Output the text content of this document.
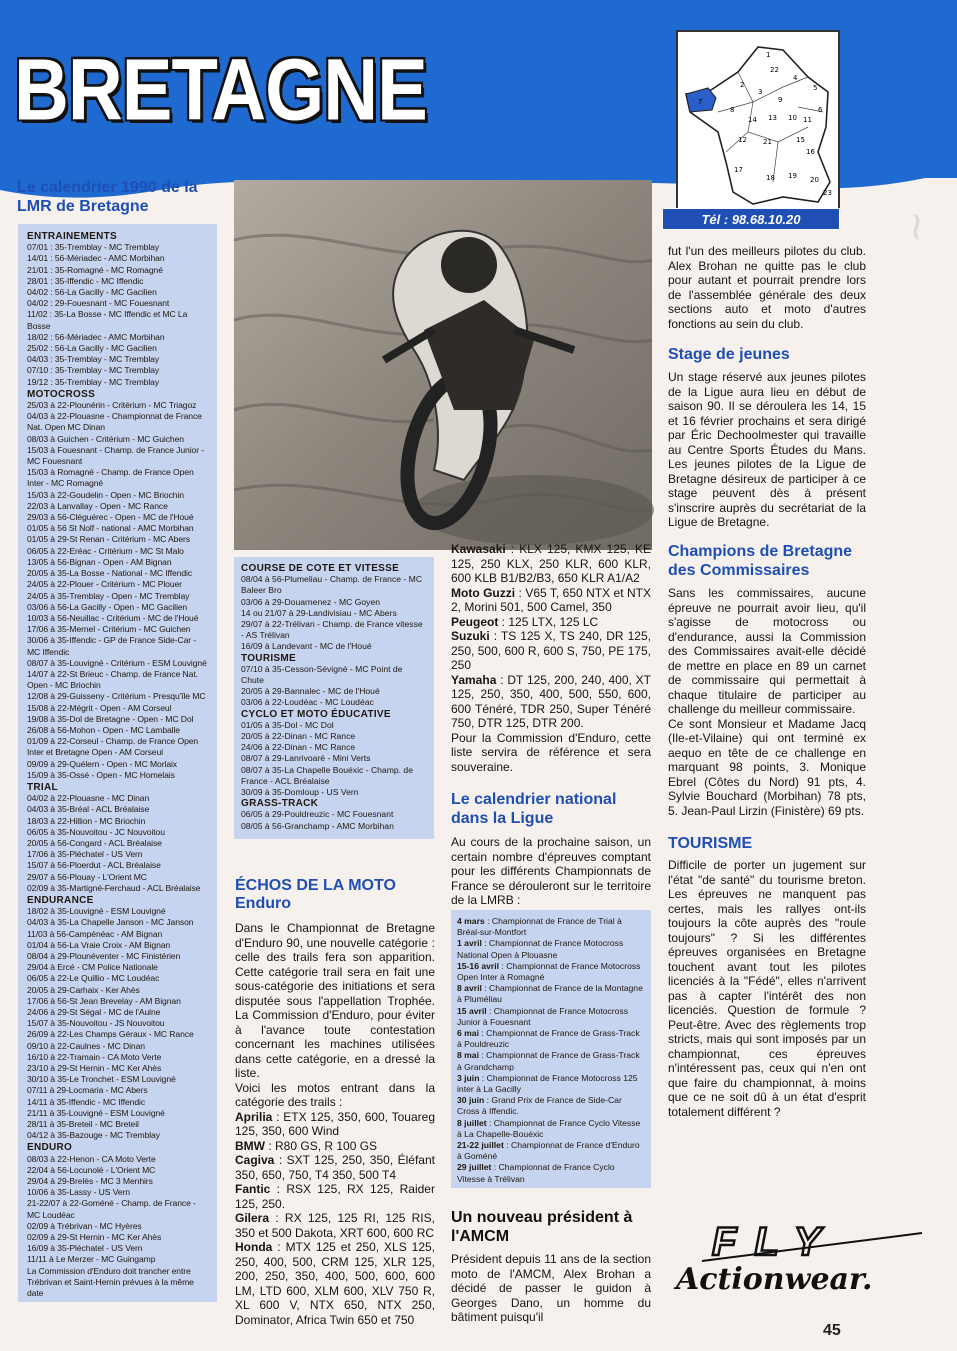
BRETAGNE	1
2
3
4
5
6
7
8
9
10 11
12
13
14
15
16
17
18 19 20
21
22
23
Tél : 98.68.10.20	~
Le calendrier 1990 de la LMR de Bretagne
ENTRAINEMENTS
07/01 : 35-Tremblay - MC Tremblay
14/01 : 56-Mériadec - AMC Morbihan
21/01 : 35-Romagné - MC Romagné
28/01 : 35-Iffendic - MC Iffendic
04/02 : 56-La Gacilly - MC Gacilien
04/02 : 29-Fouesnant - MC Fouesnant
11/02 : 35-La Bosse - MC Iffendic et MC La Bosse
18/02 : 56-Mériadec - AMC Morbihan
25/02 : 56-La Gacilly - MC Gacilien
04/03 : 35-Tremblay - MC Tremblay
07/10 : 35-Tremblay - MC Tremblay
19/12 : 35-Tremblay - MC Tremblay
MOTOCROSS
25/03 à 22-Plounérin - Critérium - MC Triagoz
04/03 à 22-Plouasne - Championnat de France Nat. Open MC Dinan
08/03 à Guichen - Critérium - MC Guichen
15/03 à Fouesnant - Champ. de France Junior - MC Fouesnant
15/03 à Romagné - Champ. de France Open Inter - MC Romagné
15/03 à 22-Goudelin - Open - MC Briochin
22/03 à Lanvallay - Open - MC Rance
29/03 à 56-Cléguérec - Open - MC de l'Houé
01/05 à 56 St Nolf - national - AMC Morbihan
01/05 à 29-St Renan - Critérium - MC Abers
06/05 à 22-Eréac - Critérium - MC St Malo
13/05 à 56-Bignan - Open - AM Bignan
20/05 à 35-La Bosse - National - MC Iffendic
24/05 à 22-Plouer - Critérium - MC Plouer
24/05 à 35-Tremblay - Open - MC Tremblay
03/06 à 56-La Gacilly - Open - MC Gacilien
10/03 à 56-Neuillac - Critérium - MC de l'Houé
17/06 à 35-Mernel - Critérium - MC Guichen
30/06 à 35-Iffendic - GP de France Side-Car - MC Iffendic
08/07 à 35-Louvigné - Critérium - ESM Louvigné
14/07 à 22-St Brieuc - Champ. de France Nat. Open - MC Briochin
12/08 à 29-Guisseny - Critérium - Presqu'île MC
15/08 à 22-Mégrit - Open - AM Corseul
19/08 à 35-Dol de Bretagne - Open - MC Dol
26/08 à 56-Mohon - Open - MC Lamballe
01/09 à 22-Corseul - Champ. de France Open Inter et Bretagne Open - AM Corseul
09/09 à 29-Quélern - Open - MC Morlaix
15/09 à 35-Ossé - Open - MC Homelais
TRIAL
04/02 à 22-Plouasne - MC Dinan
04/03 à 35-Bréal - ACL Bréalaise
18/03 à 22-Hillion - MC Briochin
06/05 à 35-Nouvoitou - JC Nouvoitou
20/05 à 56-Congard - ACL Bréalaise
17/06 à 35-Pléchatel - US Vern
15/07 à 56-Ploerdut - ACL Bréalaise
29/07 à 56-Plouay - L'Orient MC
02/09 à 35-Martigné-Ferchaud - ACL Bréalaise
ENDURANCE
18/02 à 35-Louvigné - ESM Louvigné
04/03 à 35-La Chapelle Janson - MC Janson
11/03 à 56-Campénéac - AM Bignan
01/04 à 56-La Vraie Croix - AM Bignan
08/04 à 29-Plounéventer - MC Finistérien
29/04 à Ercé - CM Police Nationale
06/05 à 22-Le Quillio - MC Loudéac
20/05 à 29-Carhaix - Ker Ahès
17/06 à 56-St Jean Brevelay - AM Bignan
24/06 à 29-St Ségal - MC de l'Aulne
15/07 à 35-Nouvoitou - JS Nouvoitou
26/09 à 22-Les Champs Géraux - MC Rance
09/10 à 22-Caulnes - MC Dinan
16/10 à 22-Tramain - CA Moto Verte
23/10 à 29-St Hernin - MC Ker Ahès
30/10 à 35-Le Tronchet - ESM Louvigné
07/11 à 29-Locmaria - MC Abers
14/11 à 35-Iffendic - MC Iffendic
21/11 à 35-Louvigné - ESM Louvigné
28/11 à 35-Breteil - MC Breteil
04/12 à 35-Bazouge - MC Tremblay
ENDURO
08/03 à 22-Henon - CA Moto Verte
22/04 à 56-Locunolé - L'Orient MC
29/04 à 29-Brelès - MC 3 Menhirs
10/06 à 35-Lassy - US Vern
21-22/07 à 22-Goméné - Champ. de France - MC Loudéac
02/09 à Trébrivan - MC Hyères
02/09 à 29-St Hernin - MC Ker Ahès
16/09 à 35-Pléchatel - US Vern
11/11 à Le Merzer - MC Guingamp
La Commission d'Enduro doit trancher entre Trébrivan et Saint-Hernin prévues à la même date
COURSE DE COTE ET VITESSE
08/04 à 56-Plumeliau - Champ. de France - MC Baleer Bro
03/06 à 29-Douarnenez - MC Goyen
14 ou 21/07 à 29-Landivisiau - MC Abers
29/07 à 22-Trélivan - Champ. de France vitesse - AS Trélivan
16/09 à Landevant - MC de l'Houé
TOURISME
07/10 à 35-Cesson-Sévigné - MC Point de Chute
20/05 à 29-Bannalec - MC de l'Houé
03/06 à 22-Loudéac - MC Loudéac
CYCLO ET MOTO ÉDUCATIVE
01/05 à 35-Dol - MC Dol
20/05 à 22-Dinan - MC Rance
24/06 à 22-Dinan - MC Rance
08/07 à 29-Lanrivoaré - Mini Verts
08/07 à 35-La Chapelle Bouéxic - Champ. de France - ACL Bréalaise
30/09 à 35-Domloup - US Vern
GRASS-TRACK
06/05 à 29-Pouldreuzic - MC Fouesnant
08/05 à 56-Granchamp - AMC Morbihan
ÉCHOS DE LA MOTO
Enduro

Dans le Championnat de Bretagne d'Enduro 90, une nouvelle catégorie : celle des trails fera son apparition. Cette catégorie trail sera en fait une sous-catégorie des initiations et sera disputée sous l'appellation Trophée. La Commission d'Enduro, pour éviter à l'avance toute contestation concernant les machines utilisées dans cette catégorie, en a dressé la liste.

Voici les motos entrant dans la catégorie des trails :

Aprilia : ETX 125, 350, 600, Touareg 125, 350, 600 Wind
BMW : R80 GS, R 100 GS
Cagiva : SXT 125, 250, 350, Éléfant 350, 650, 750, T4 350, 500 T4
Fantic : RSX 125, RX 125, Raider 125, 250.
Gilera : RX 125, 125 RI, 125 RIS, 350 et 500 Dakota, XRT 600, 600 RC
Honda : MTX 125 et 250, XLS 125, 250, 400, 500, CRM 125, XLR 125, 200, 250, 350, 400, 500, 600, 600 LM, LTD 600, XLM 600, XLV 750 R, XL 600 V, NTX 650, NTX 250, Dominator, Africa Twin 650 et 750
Kawasaki : KLX 125, KMX 125, KE 125, 250 KLX, 250 KLR, 600 KLR, 600 KLB B1/B2/B3, 650 KLR A1/A2
Moto Guzzi : V65 T, 650 NTX et NTX 2, Morini 501, 500 Camel, 350
Peugeot : 125 LTX, 125 LC
Suzuki : TS 125 X, TS 240, DR 125, 250, 500, 600 R, 600 S, 750, PE 175, 250
Yamaha : DT 125, 200, 240, 400, XT 125, 250, 350, 400, 500, 550, 600, 600 Ténéré, TDR 250, Super Ténéré 750, DTR 125, DTR 200.

Pour la Commission d'Enduro, cette liste servira de référence et sera souveraine.

Le calendrier national dans la Ligue
Au cours de la prochaine saison, un certain nombre d'épreuves comptant pour les différents Championnats de France se dérouleront sur le territoire de la LMRB :
4 mars : Championnat de France de Trial à Bréal-sur-Montfort
1 avril : Championnat de France Motocross National Open à Plouasne
15-16 avril : Championnat de France Motocross Open Inter à Romagné
8 avril : Championnat de France de la Montagne à Pluméliau
15 avril : Championnat de France Motocross Junior à Fouesnant
6 mai : Championnat de France de Grass-Track à Pouldreuzic
8 mai : Championnat de France de Grass-Track à Grandchamp
3 juin : Championnat de France Motocross 125 inter à La Gacilly
30 juin : Grand Prix de France de Side-Car Cross à Iffendic.
8 juillet : Championnat de France Cyclo Vitesse à La Chapelle-Bouéxic
21-22 juillet : Championnat de France d'Enduro à Goméné
29 juillet : Championnat de France Cyclo Vitesse à Trélivan
Un nouveau président à l'AMCM
Président depuis 11 ans de la section moto de l'AMCM, Alex Brohan a décidé de passer le guidon à Georges Dano, un homme du bâtiment puisqu'il
fut l'un des meilleurs pilotes du club. Alex Brohan ne quitte pas le club pour autant et pourrait prendre lors de l'assemblée générale des deux sections auto et moto d'autres fonctions au sein du club.
Stage de jeunes
Un stage réservé aux jeunes pilotes de la Ligue aura lieu en début de saison 90. Il se déroulera les 14, 15 et 16 février prochains et sera dirigé par Éric Dechoolmester qui travaille au Centre Sports Études du Mans. Les jeunes pilotes de la Ligue de Bretagne désireux de participer à ce stage peuvent dès à présent s'inscrire auprès du secrétariat de la Ligue de Bretagne.
Champions de Bretagne des Commissaires

Sans les commissaires, aucune épreuve ne pourrait avoir lieu, qu'il s'agisse de motocross ou d'endurance, aussi la Commission des Commissaires avait-elle décidé de mettre en place en 89 un carnet de commissaire qui permettait à chaque titulaire de participer au challenge du meilleur commissaire.

Ce sont Monsieur et Madame Jacq (Ile-et-Vilaine) qui ont terminé ex aequo en tête de ce challenge en marquant 98 points, 3. Monique Ebrel (Côtes du Nord) 91 pts, 4. Sylvie Bouchard (Morbihan) 78 pts, 5. Jean-Paul Lirzin (Finistère) 69 pts.

TOURISME
Difficile de porter un jugement sur l'état "de santé" du tourisme breton. Les épreuves ne manquent pas certes, mais les rallyes ont-ils toujours la côte auprès des "roule toujours" ? Si les différentes épreuves organisées en Bretagne touchent avant tout les pilotes licenciés à la "Fédé", elles n'arrivent pas à capter l'intérêt des non licenciés. Question de formule ? Peut-être. Avec des règlements trop stricts, mais qui sont imposés par un championnat, ces épreuves n'intéressent pas, ceux qui n'en ont que faire du championnat, à moins que ce ne soit dû à un état d'esprit totalement différent ?
FLY
Actionwear.
45
